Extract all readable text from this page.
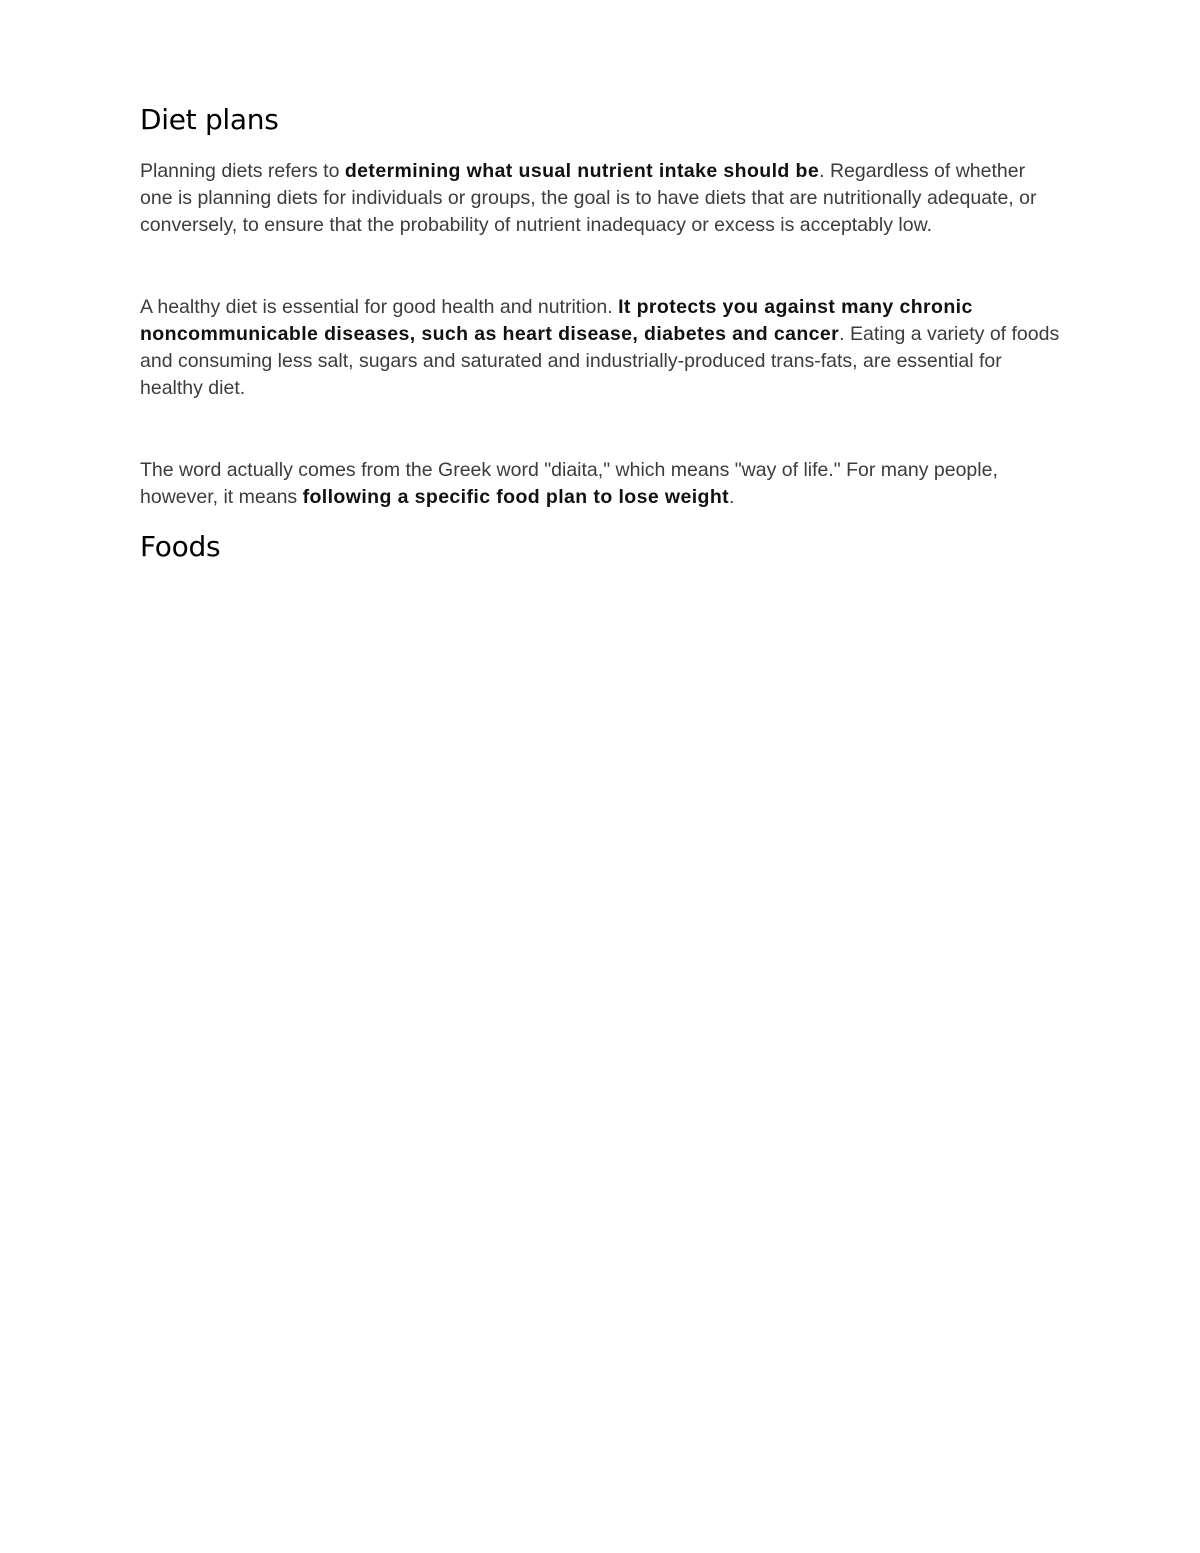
Diet plans

Planning diets refers to determining what usual nutrient intake should be. Regardless of whether one is planning diets for individuals or groups, the goal is to have diets that are nutritionally adequate, or conversely, to ensure that the probability of nutrient inadequacy or excess is acceptably low.

A healthy diet is essential for good health and nutrition. It protects you against many chronic noncommunicable diseases, such as heart disease, diabetes and cancer. Eating a variety of foods and consuming less salt, sugars and saturated and industrially-produced trans-fats, are essential for healthy diet.

The word actually comes from the Greek word "diaita," which means "way of life." For many people, however, it means following a specific food plan to lose weight.

Foods
